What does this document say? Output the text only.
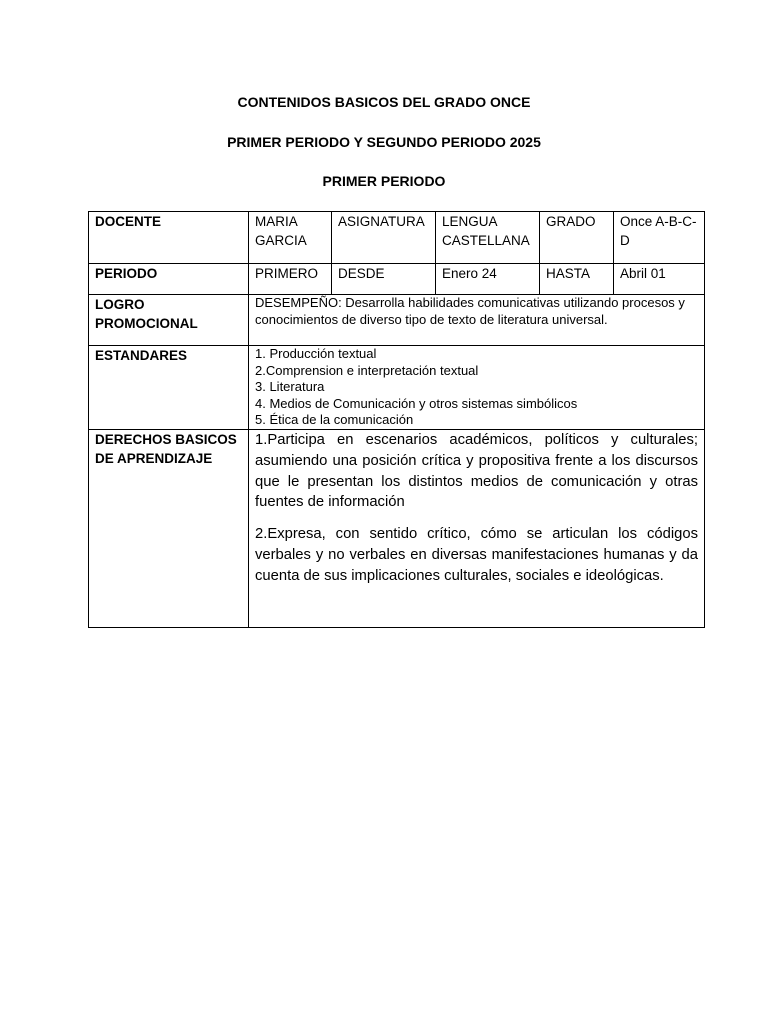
CONTENIDOS BASICOS DEL GRADO ONCE
PRIMER PERIODO Y SEGUNDO PERIODO 2025
PRIMER PERIODO
DOCENTE	MARIA GARCIA	ASIGNATURA	LENGUA CASTELLANA	GRADO	Once A-B-C-D
PERIODO	PRIMERO	DESDE	Enero 24	HASTA	Abril 01
LOGRO PROMOCIONAL	DESEMPEÑO: Desarrolla habilidades comunicativas utilizando procesos y conocimientos de diverso tipo de texto de literatura universal.				
ESTANDARES	1. Producción textual
2.Comprension e interpretación textual
3. Literatura
4. Medios de Comunicación y otros sistemas simbólicos
5. Ética de la comunicación				

DERECHOS BASICOS DE APRENDIZAJE	1.Participa en escenarios académicos, políticos y culturales; asumiendo una posición crítica y propositiva frente a los discursos que le presentan los distintos medios de comunicación y otras fuentes de información

2.Expresa, con sentido crítico, cómo se articulan los códigos verbales y no verbales en diversas manifestaciones humanas y da cuenta de sus implicaciones culturales, sociales e ideológicas.				
